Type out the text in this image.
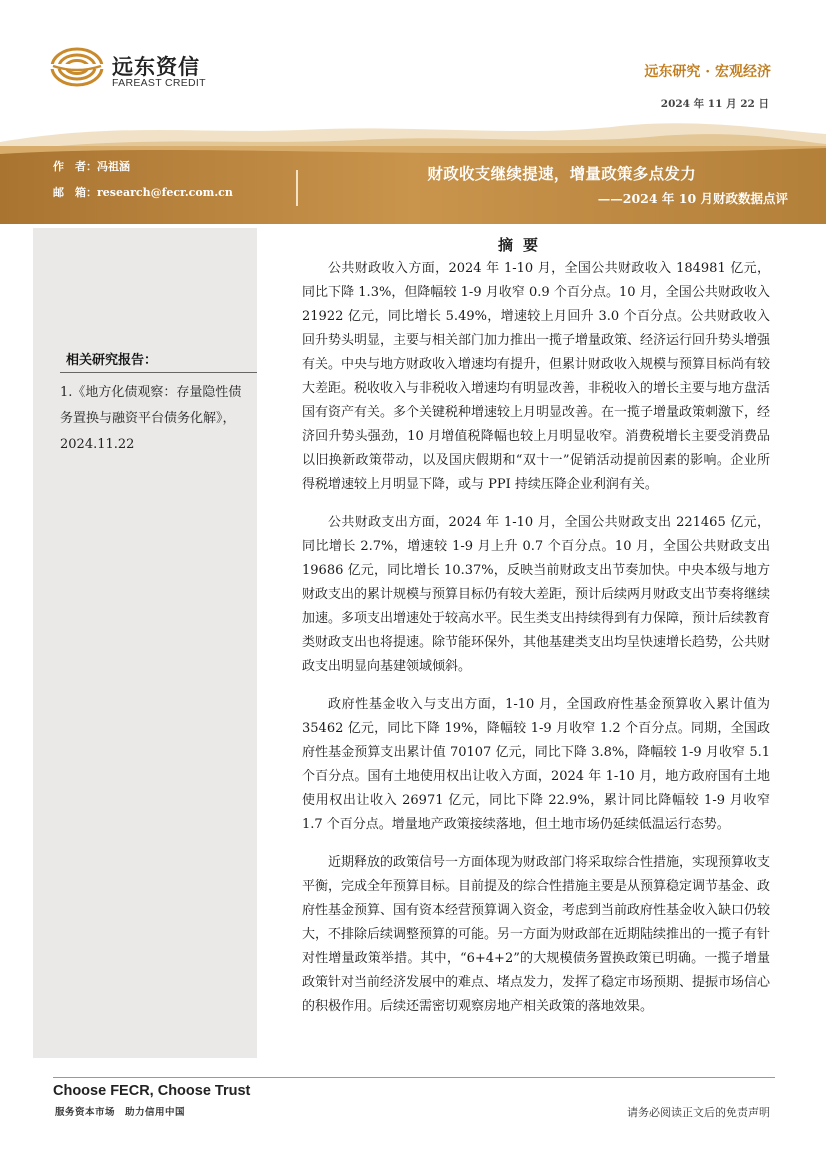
远东资信
FAREAST CREDIT
远东研究 · 宏观经济
2024 年 11 月 22 日
作　者：冯祖涵
邮　箱：research@fecr.com.cn
财政收支继续提速，增量政策多点发力
——2024 年 10 月财政数据点评
相关研究报告：
1.《地方化债观察：存量隐性债务置换与融资平台债务化解》，2024.11.22
摘要

公共财政收入方面，2024 年 1-10 月，全国公共财政收入 184981 亿元，同比下降 1.3%，但降幅较 1-9 月收窄 0.9 个百分点。10 月，全国公共财政收入 21922 亿元，同比增长 5.49%，增速较上月回升 3.0 个百分点。公共财政收入回升势头明显，主要与相关部门加力推出一揽子增量政策、经济运行回升势头增强有关。中央与地方财政收入增速均有提升，但累计财政收入规模与预算目标尚有较大差距。税收收入与非税收入增速均有明显改善，非税收入的增长主要与地方盘活国有资产有关。多个关键税种增速较上月明显改善。在一揽子增量政策刺激下，经济回升势头强劲，10 月增值税降幅也较上月明显收窄。消费税增长主要受消费品以旧换新政策带动，以及国庆假期和“双十一”促销活动提前因素的影响。企业所得税增速较上月明显下降，或与 PPI 持续压降企业利润有关。

公共财政支出方面，2024 年 1-10 月，全国公共财政支出 221465 亿元，同比增长 2.7%，增速较 1-9 月上升 0.7 个百分点。10 月，全国公共财政支出 19686 亿元，同比增长 10.37%，反映当前财政支出节奏加快。中央本级与地方财政支出的累计规模与预算目标仍有较大差距，预计后续两月财政支出节奏将继续加速。多项支出增速处于较高水平。民生类支出持续得到有力保障，预计后续教育类财政支出也将提速。除节能环保外，其他基建类支出均呈快速增长趋势，公共财政支出明显向基建领域倾斜。

政府性基金收入与支出方面，1-10 月，全国政府性基金预算收入累计值为 35462 亿元，同比下降 19%，降幅较 1-9 月收窄 1.2 个百分点。同期，全国政府性基金预算支出累计值 70107 亿元，同比下降 3.8%，降幅较 1-9 月收窄 5.1 个百分点。国有土地使用权出让收入方面，2024 年 1-10 月，地方政府国有土地使用权出让收入 26971 亿元，同比下降 22.9%，累计同比降幅较 1-9 月收窄 1.7 个百分点。增量地产政策接续落地，但土地市场仍延续低温运行态势。

近期释放的政策信号一方面体现为财政部门将采取综合性措施，实现预算收支平衡，完成全年预算目标。目前提及的综合性措施主要是从预算稳定调节基金、政府性基金预算、国有资本经营预算调入资金，考虑到当前政府性基金收入缺口仍较大，不排除后续调整预算的可能。另一方面为财政部在近期陆续推出的一揽子有针对性增量政策举措。其中，“6+4+2”的大规模债务置换政策已明确。一揽子增量政策针对当前经济发展中的难点、堵点发力，发挥了稳定市场预期、提振市场信心的积极作用。后续还需密切观察房地产相关政策的落地效果。

Choose FECR, Choose Trust
服务资本市场　助力信用中国	请务必阅读正文后的免责声明
